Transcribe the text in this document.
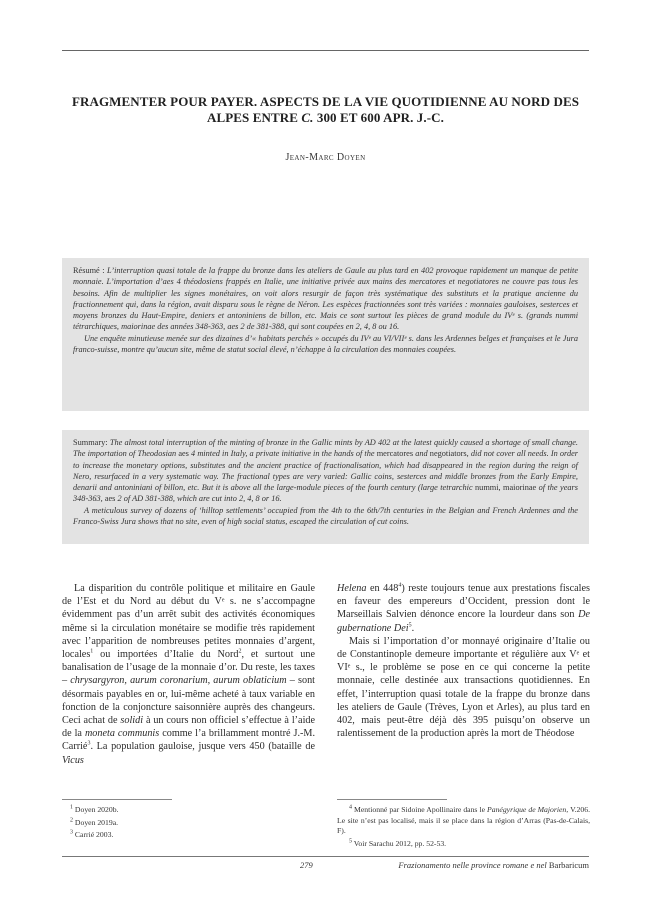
FRAGMENTER POUR PAYER. ASPECTS DE LA VIE QUOTIDIENNE AU NORD DES
ALPES ENTRE C. 300 ET 600 APR. J.-C.
Jean-Marc Doyen

Résumé : L’interruption quasi totale de la frappe du bronze dans les ateliers de Gaule au plus tard en 402 provoque rapidement un manque de petite monnaie. L’importation d’aes 4 théodosiens frappés en Italie, une initiative privée aux mains des mercatores et negotiatores ne couvre pas tous les besoins. Afin de multiplier les signes monétaires, on voit alors resurgir de façon très systématique des substituts et la pratique ancienne du fractionnement qui, dans la région, avait disparu sous le règne de Néron. Les espèces fractionnées sont très variées : monnaies gauloises, sesterces et moyens bronzes du Haut-Empire, deniers et antoniniens de billon, etc. Mais ce sont surtout les pièces de grand module du IVᵉ s. (grands nummi tétrarchiques, maiorinae des années 348-363, aes 2 de 381-388, qui sont coupées en 2, 4, 8 ou 16.

Une enquête minutieuse menée sur des dizaines d’« habitats perchés » occupés du IVᵉ au VI/VIIᵉ s. dans les Ardennes belges et françaises et le Jura franco-suisse, montre qu’aucun site, même de statut social élevé, n’échappe à la circulation des monnaies coupées.

Summary: The almost total interruption of the minting of bronze in the Gallic mints by AD 402 at the latest quickly caused a shortage of small change. The importation of Theodosian aes 4 minted in Italy, a private initiative in the hands of the mercatores and negotiators, did not cover all needs. In order to increase the monetary options, substitutes and the ancient practice of fractionalisation, which had disappeared in the region during the reign of Nero, resurfaced in a very systematic way. The fractional types are very varied: Gallic coins, sesterces and middle bronzes from the Early Empire, denarii and antoniniani of billon, etc. But it is above all the large-module pieces of the fourth century (large tetrarchic nummi, maiorinae of the years 348-363, aes 2 of AD 381-388, which are cut into 2, 4, 8 or 16.

A meticulous survey of dozens of ‘hilltop settlements’ occupied from the 4th to the 6th/7th centuries in the Belgian and French Ardennes and the Franco-Swiss Jura shows that no site, even of high social status, escaped the circulation of cut coins.

La disparition du contrôle politique et militaire en Gaule de l’Est et du Nord au début du Vᵉ s. ne s’accompagne évidemment pas d’un arrêt subit des activités économiques même si la circulation monétaire se modifie très rapidement avec l’apparition de nombreuses petites monnaies d’argent, locales$^1$ ou importées d’Italie du Nord$^2$, et surtout une banalisation de l’usage de la monnaie d’or. Du reste, les taxes – chrysargyron, aurum coronarium, aurum oblaticium – sont désormais payables en or, lui-même acheté à taux variable en fonction de la conjoncture saisonnière auprès des changeurs. Ceci achat de solidi à un cours non officiel s’effectue à l’aide de la moneta communis comme l’a brillamment montré J.-M. Carrié$^3$. La population gauloise, jusque vers 450 (bataille de Vicus

Helena en $448^4$) reste toujours tenue aux prestations fiscales en faveur des empereurs d’Occident, pression dont le Marseillais Salvien dénonce encore la lourdeur dans son De gubernatione Dei$^5$.

Mais si l’importation d’or monnayé originaire d’Italie ou de Constantinople demeure importante et régulière aux Vᵉ et VIᵉ s., le problème se pose en ce qui concerne la petite monnaie, celle destinée aux transactions quotidiennes. En effet, l’interruption quasi totale de la frappe du bronze dans les ateliers de Gaule (Trèves, Lyon et Arles), au plus tard en 402, mais peut-être déjà dès 395 puisqu’on observe un ralentissement de la production après la mort de Théodose

$^1$ Doyen 2020b.

$^2$ Doyen 2019a.

$^3$ Carrié 2003.

$^4$ Mentionné par Sidoine Apollinaire dans le Panégyrique de Majorien, V.206. Le site n’est pas localisé, mais il se place dans la région d’Arras (Pas-de-Calais, F).

$^5$ Voir Sarachu 2012, pp. 52-53.

279	Frazionamento nelle province romane e nel Barbaricum
